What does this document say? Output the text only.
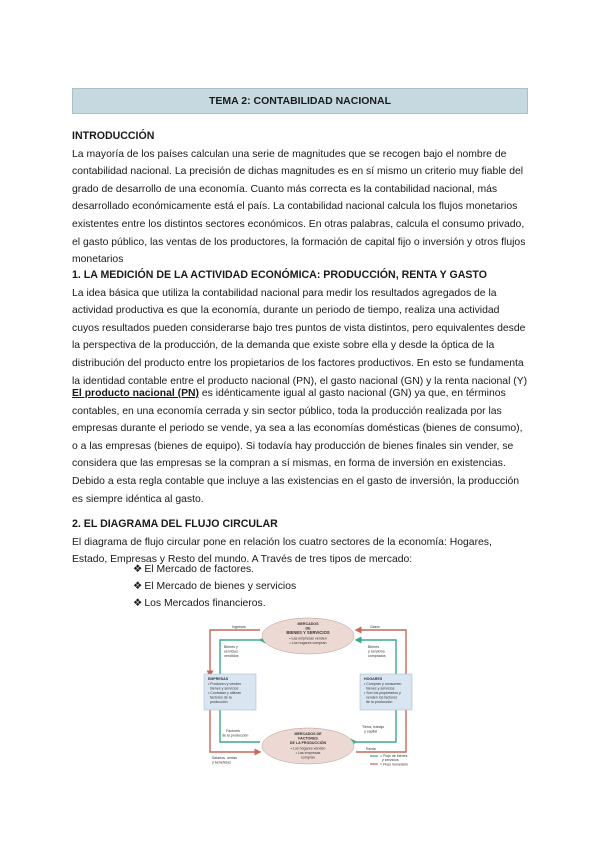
TEMA 2: CONTABILIDAD NACIONAL
INTRODUCCIÓN
La mayoría de los países calculan una serie de magnitudes que se recogen bajo el nombre de contabilidad nacional. La precisión de dichas magnitudes es en sí mismo un criterio muy fiable del grado de desarrollo de una economía. Cuanto más correcta es la contabilidad nacional, más desarrollado económicamente está el país. La contabilidad nacional calcula los flujos monetarios existentes entre los distintos sectores económicos. En otras palabras, calcula el consumo privado, el gasto público, las ventas de los productores, la formación de capital fijo o inversión y otros flujos monetarios
1. LA MEDICIÓN DE LA ACTIVIDAD ECONÓMICA: PRODUCCIÓN, RENTA Y GASTO
La idea básica que utiliza la contabilidad nacional para medir los resultados agregados de la actividad productiva es que la economía, durante un periodo de tiempo, realiza una actividad cuyos resultados pueden considerarse bajo tres puntos de vista distintos, pero equivalentes desde la perspectiva de la producción, de la demanda que existe sobre ella y desde la óptica de la distribución del producto entre los propietarios de los factores productivos. En esto se fundamenta la identidad contable entre el producto nacional (PN), el gasto nacional (GN) y la renta nacional (Y)
El producto nacional (PN) es idénticamente igual al gasto nacional (GN) ya que, en términos contables, en una economía cerrada y sin sector público, toda la producción realizada por las empresas durante el periodo se vende, ya sea a las economías domésticas (bienes de consumo), o a las empresas (bienes de equipo). Si todavía hay producción de bienes finales sin vender, se considera que las empresas se la compran a sí mismas, en forma de inversión en existencias. Debido a esta regla contable que incluye a las existencias en el gasto de inversión, la producción es siempre idéntica al gasto.
2. EL DIAGRAMA DEL FLUJO CIRCULAR
El diagrama de flujo circular pone en relación los cuatro sectores de la economía: Hogares, Estado, Empresas y Resto del mundo. A Través de tres tipos de mercado:
❖ El Mercado de factores.
❖ El Mercado de bienes y servicios
❖ Los Mercados financieros.
MERCADOS
DE
BIENES Y SERVICIOS
• Las empresas venden
• Los hogares compran
MERCADOS DE
FACTORES
DE LA PRODUCCIÓN
• Los hogares venden
• Las empresas
compran
EMPRESAS
• Producen y venden
bienes y servicios
• Contratan y utilizan
factores de la
producción
HOGARES
• Compran y consumen
bienes y servicios
• Son los propietarios y
venden los factores
de la producción
Ingresos	Gasto
Bienes y
servicios
vendidos
Bienes
y servicios
comprados
Factores
de la producción
Tierra, trabajo
y capital
Salarios, rentas
y beneficios
Renta
= Flujo de bienes
y servicios
= Flujo monetario
